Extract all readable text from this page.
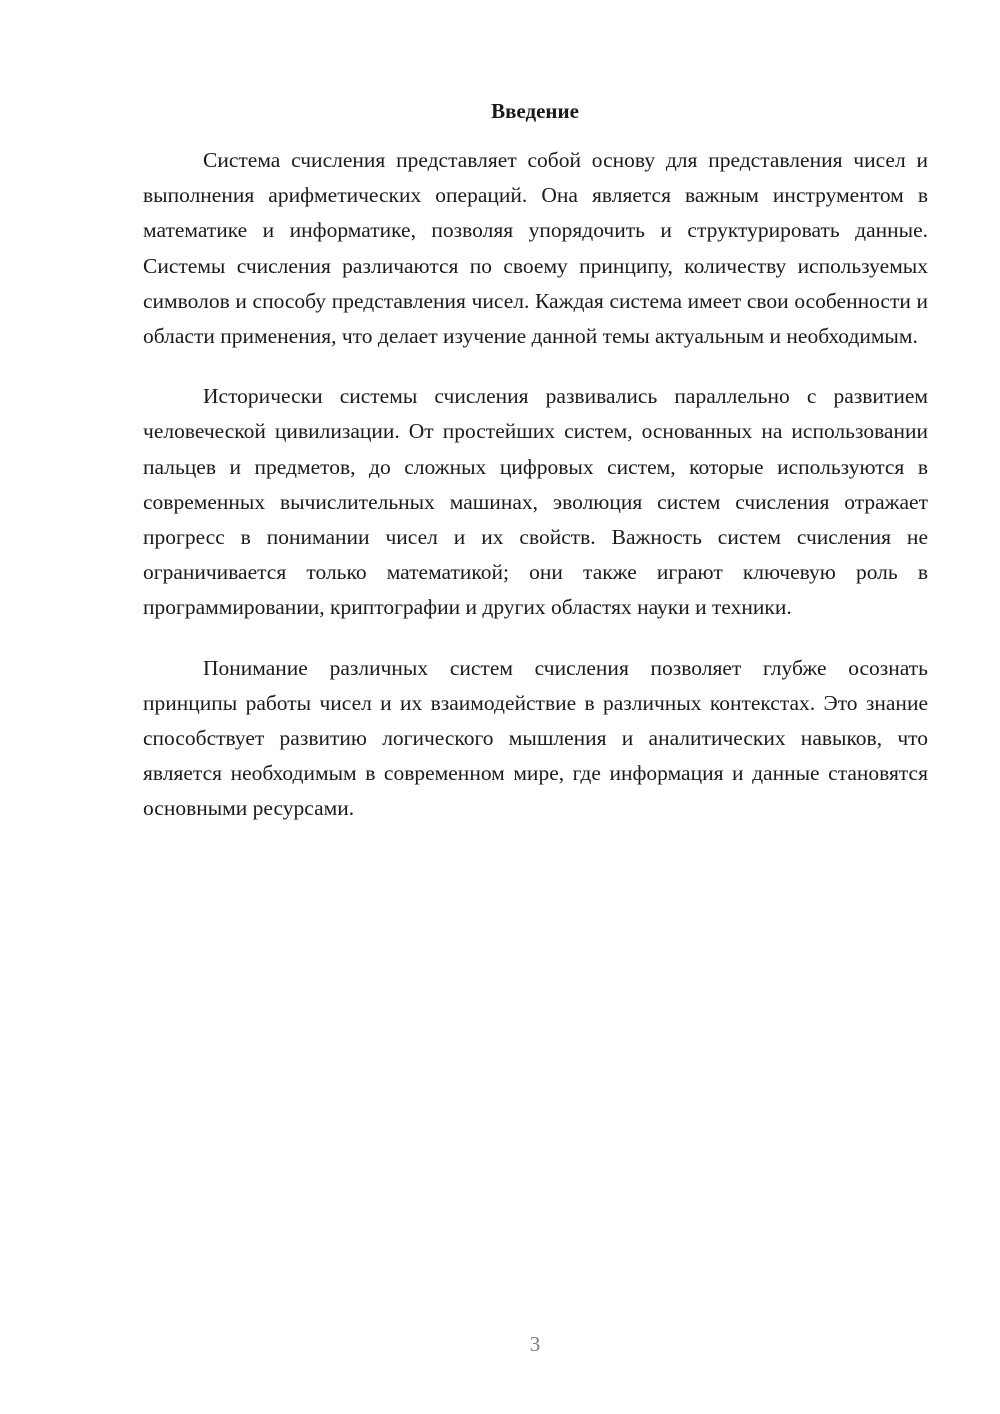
Введение

Система счисления представляет собой основу для представления чисел и выполнения арифметических операций. Она является важным инструментом в математике и информатике, позволяя упорядочить и структурировать данные. Системы счисления различаются по своему принципу, количеству используемых символов и способу представления чисел. Каждая система имеет свои особенности и области применения, что делает изучение данной темы актуальным и необходимым.

Исторически системы счисления развивались параллельно с развитием человеческой цивилизации. От простейших систем, основанных на использовании пальцев и предметов, до сложных цифровых систем, которые используются в современных вычислительных машинах, эволюция систем счисления отражает прогресс в понимании чисел и их свойств. Важность систем счисления не ограничивается только математикой; они также играют ключевую роль в программировании, криптографии и других областях науки и техники.

Понимание различных систем счисления позволяет глубже осознать принципы работы чисел и их взаимодействие в различных контекстах. Это знание способствует развитию логического мышления и аналитических навыков, что является необходимым в современном мире, где информация и данные становятся основными ресурсами.

3
